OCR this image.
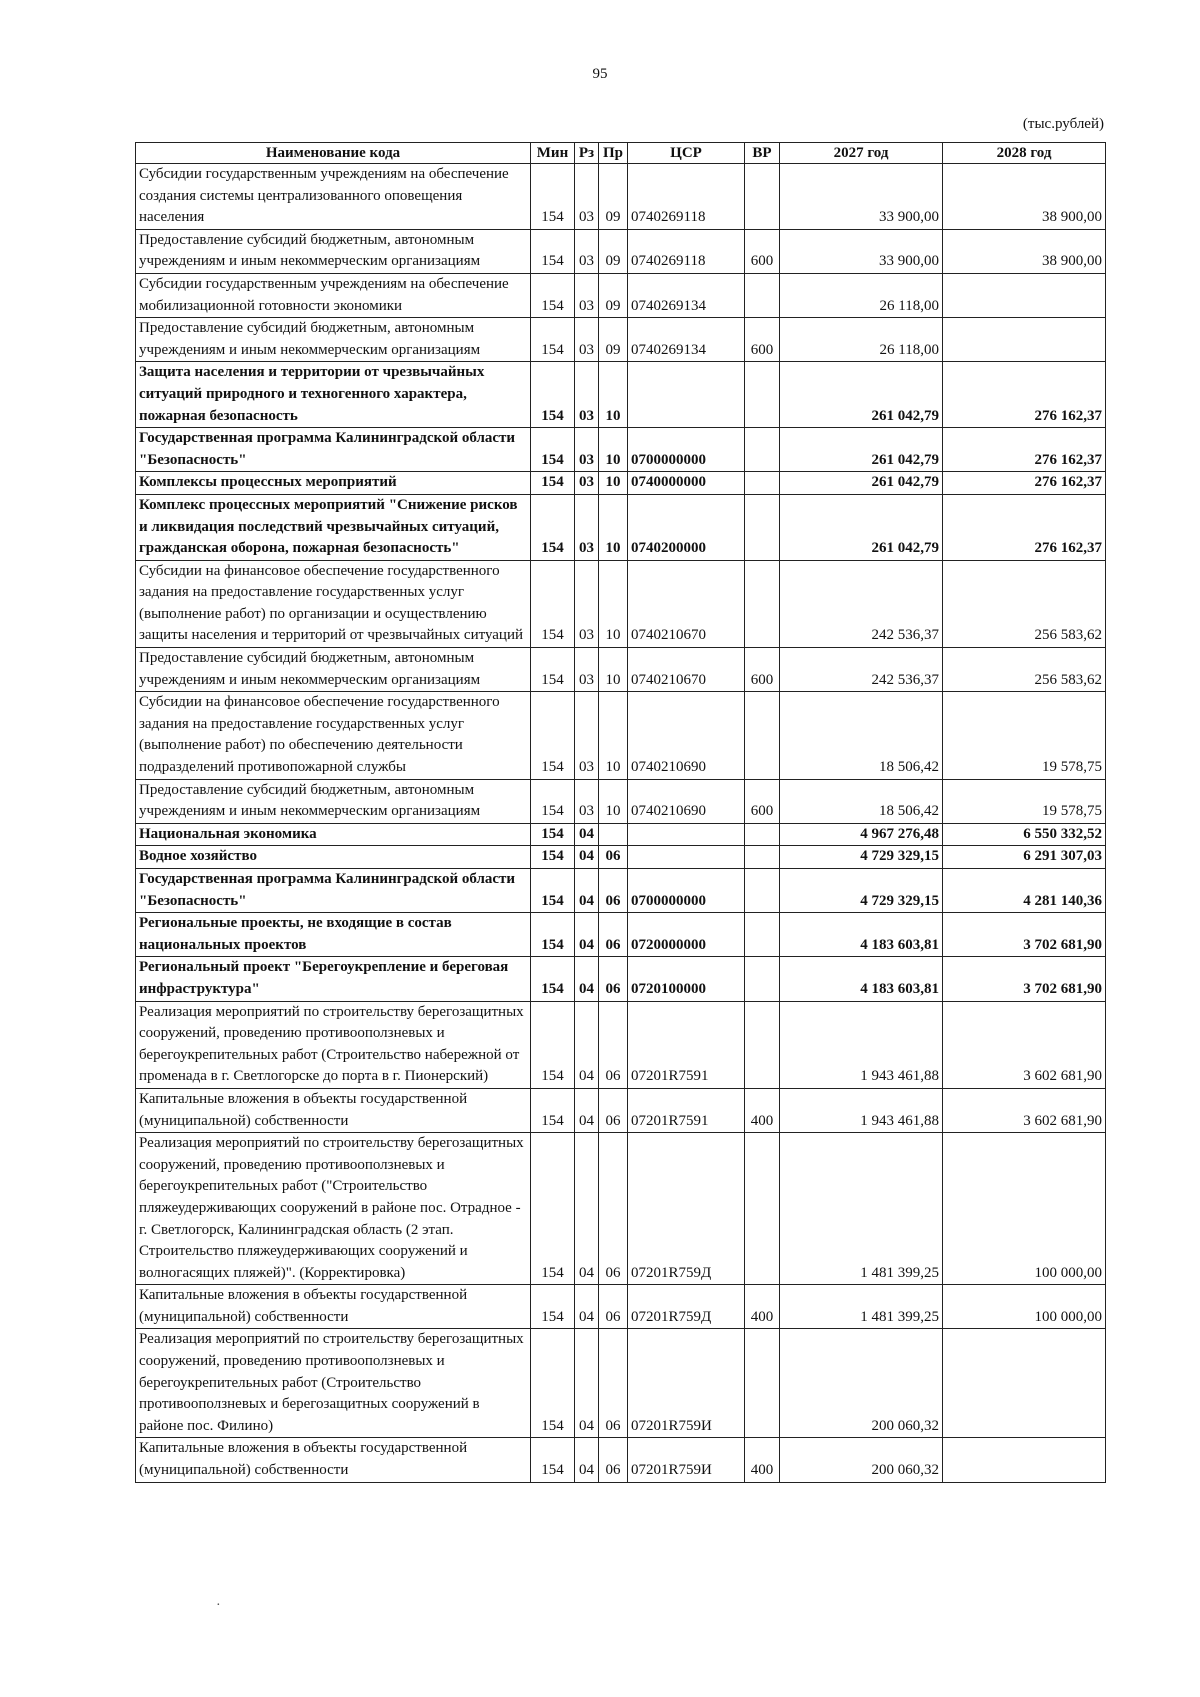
95
(тыс.рублей)
Наименование кода	Мин	Рз	Пр	ЦСР	ВР	2027 год	2028 год
Субсидии государственным учреждениям на обеспечение создания системы централизованного оповещения населения	154	03	09	0740269118		33 900,00	38 900,00
Предоставление субсидий бюджетным, автономным учреждениям и иным некоммерческим организациям	154	03	09	0740269118	600	33 900,00	38 900,00
Субсидии государственным учреждениям на обеспечение мобилизационной готовности экономики	154	03	09	0740269134		26 118,00	
Предоставление субсидий бюджетным, автономным учреждениям и иным некоммерческим организациям	154	03	09	0740269134	600	26 118,00	
Защита населения и территории от чрезвычайных ситуаций природного и техногенного характера, пожарная безопасность	154	03	10			261 042,79	276 162,37
Государственная программа Калининградской области "Безопасность"	154	03	10	0700000000		261 042,79	276 162,37
Комплексы процессных мероприятий	154	03	10	0740000000		261 042,79	276 162,37
Комплекс процессных мероприятий "Снижение рисков и ликвидация последствий чрезвычайных ситуаций, гражданская оборона, пожарная безопасность"	154	03	10	0740200000		261 042,79	276 162,37
Субсидии на финансовое обеспечение государственного задания на предоставление государственных услуг (выполнение работ) по организации и осуществлению защиты населения и территорий от чрезвычайных ситуаций	154	03	10	0740210670		242 536,37	256 583,62
Предоставление субсидий бюджетным, автономным учреждениям и иным некоммерческим организациям	154	03	10	0740210670	600	242 536,37	256 583,62
Субсидии на финансовое обеспечение государственного задания на предоставление государственных услуг (выполнение работ) по обеспечению деятельности подразделений противопожарной службы	154	03	10	0740210690		18 506,42	19 578,75
Предоставление субсидий бюджетным, автономным учреждениям и иным некоммерческим организациям	154	03	10	0740210690	600	18 506,42	19 578,75
Национальная экономика	154	04				4 967 276,48	6 550 332,52
Водное хозяйство	154	04	06			4 729 329,15	6 291 307,03
Государственная программа Калининградской области "Безопасность"	154	04	06	0700000000		4 729 329,15	4 281 140,36
Региональные проекты, не входящие в состав национальных проектов	154	04	06	0720000000		4 183 603,81	3 702 681,90
Региональный проект "Берегоукрепление и береговая инфраструктура"	154	04	06	0720100000		4 183 603,81	3 702 681,90
Реализация мероприятий по строительству берегозащитных сооружений, проведению противооползневых и берегоукрепительных работ (Строительство набережной от променада в г. Светлогорске до порта в г. Пионерский)	154	04	06	07201R7591		1 943 461,88	3 602 681,90
Капитальные вложения в объекты государственной (муниципальной) собственности	154	04	06	07201R7591	400	1 943 461,88	3 602 681,90
Реализация мероприятий по строительству берегозащитных сооружений, проведению противооползневых и берегоукрепительных работ ("Строительство пляжеудерживающих сооружений в районе пос. Отрадное - г. Светлогорск, Калининградская область (2 этап. Строительство пляжеудерживающих сооружений и волногасящих пляжей)". (Корректировка)	154	04	06	07201R759Д		1 481 399,25	100 000,00
Капитальные вложения в объекты государственной (муниципальной) собственности	154	04	06	07201R759Д	400	1 481 399,25	100 000,00
Реализация мероприятий по строительству берегозащитных сооружений, проведению противооползневых и берегоукрепительных работ (Строительство противооползневых и берегозащитных сооружений в районе пос. Филино)	154	04	06	07201R759И		200 060,32	
Капитальные вложения в объекты государственной (муниципальной) собственности	154	04	06	07201R759И	400	200 060,32	
·
